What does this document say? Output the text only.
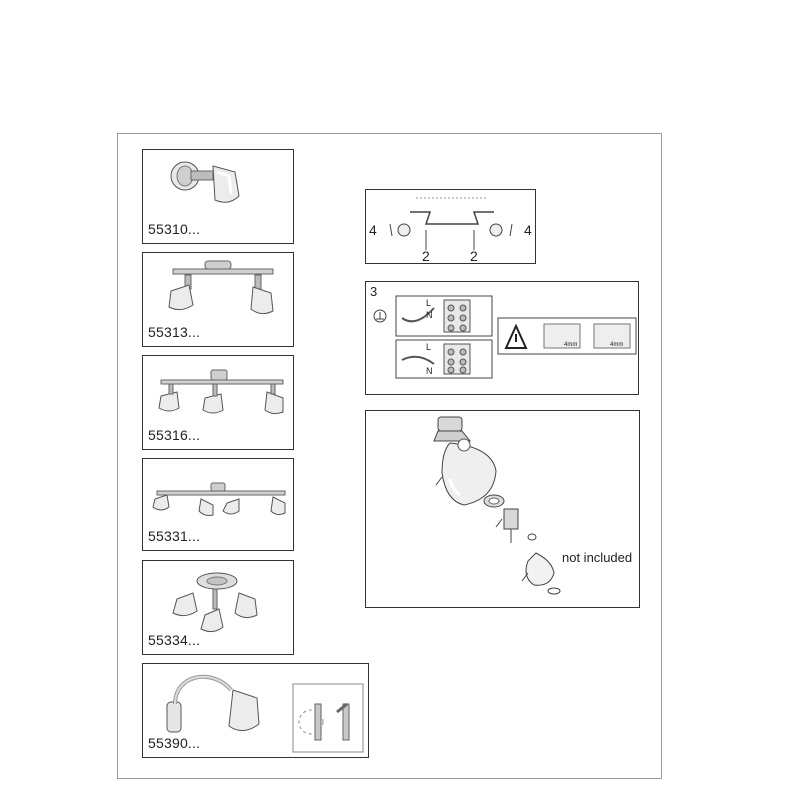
55310...
55313...
55316...
55331...
55334...
55390...
4	4
2	2
3
L
N
L
N
4mm	4mm
not included
